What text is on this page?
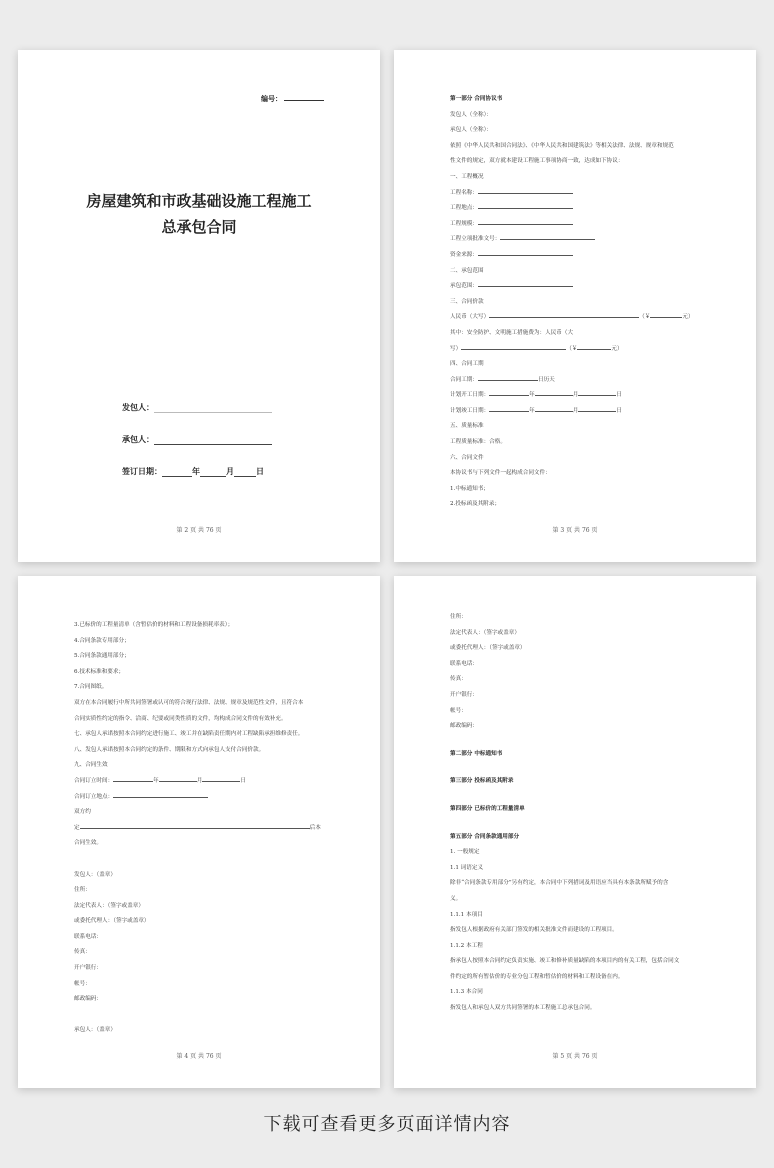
编号：
房屋建筑和市政基础设施工程施工
总承包合同
发包人：
承包人：
签订日期：	年	月	日
第 2 页 共 76 页
第一部分 合同协议书
发包人（全称）：
承包人（全称）：
依照《中华人民共和国合同法》、《中华人民共和国建筑法》等相关法律、法规、规章和规范
性文件的规定，双方就本建设工程施工事项协商一致，达成如下协议：
一、工程概况
工程名称：
工程地点：
工程规模：
工程立项批准文号：
资金来源：
二、承包范围
承包范围：
三、合同价款
人民币（大写）	（￥	元）
其中：安全防护、文明施工措施费为：人民币（大
写）	（￥	元）
四、合同工期
合同工期：	日历天
计划开工日期：	年	月	日
计划竣工日期：	年	月	日
五、质量标准
工程质量标准：合格。
六、合同文件
本协议书与下列文件一起构成合同文件：
1.中标通知书；
2.投标函及其附录；
第 3 页 共 76 页
3.已标价的工程量清单（含暂估价的材料和工程设备损耗率表）；
4.合同条款专用部分；
5.合同条款通用部分；
6.技术标准和要求；
7.合同图纸。
双方在本合同履行中所共同签署或认可的符合现行法律、法规、规章及规范性文件，且符合本
合同实质性约定的指令、洽商、纪要或同类性质的文件，均构成合同文件的有效补充。
七、承包人承诺按照本合同约定进行施工、竣工并在缺陷责任期内对工程缺陷承担维修责任。
八、发包人承诺按照本合同约定的条件、期限和方式向承包人支付合同价款。
九、合同生效
合同订立时间：	年	月	日
合同订立地点：
双方约
定	后本
合同生效。
发包人：（盖章）
住所：
法定代表人：（签字或盖章）
或委托代理人：（签字或盖章）
联系电话：
传真：
开户银行：
帐号：
邮政编码：
承包人：（盖章）
第 4 页 共 76 页
住所：
法定代表人：（签字或盖章）
或委托代理人：（签字或盖章）
联系电话：
传真：
开户银行：
帐号：
邮政编码：
第二部分 中标通知书
第三部分 投标函及其附录
第四部分 已标价的工程量清单
第五部分 合同条款通用部分
1. 一般规定
1.1 词语定义
除非“合同条款专用部分”另有约定，本合同中下列措词及用语应当具有本条款所赋予的含
义。
1.1.1 本项目
指发包人根据政府有关部门签发的相关批准文件而建设的工程项目。
1.1.2 本工程
指承包人按照本合同约定负责实施、竣工和修补质量缺陷的本项目内的有关工程，包括合同文
件约定的所有暂估价的专业分包工程和暂估价的材料和工程设备在内。
1.1.3 本合同
指发包人和承包人双方共同签署的本工程施工总承包合同。
第 5 页 共 76 页
下载可查看更多页面详情内容
